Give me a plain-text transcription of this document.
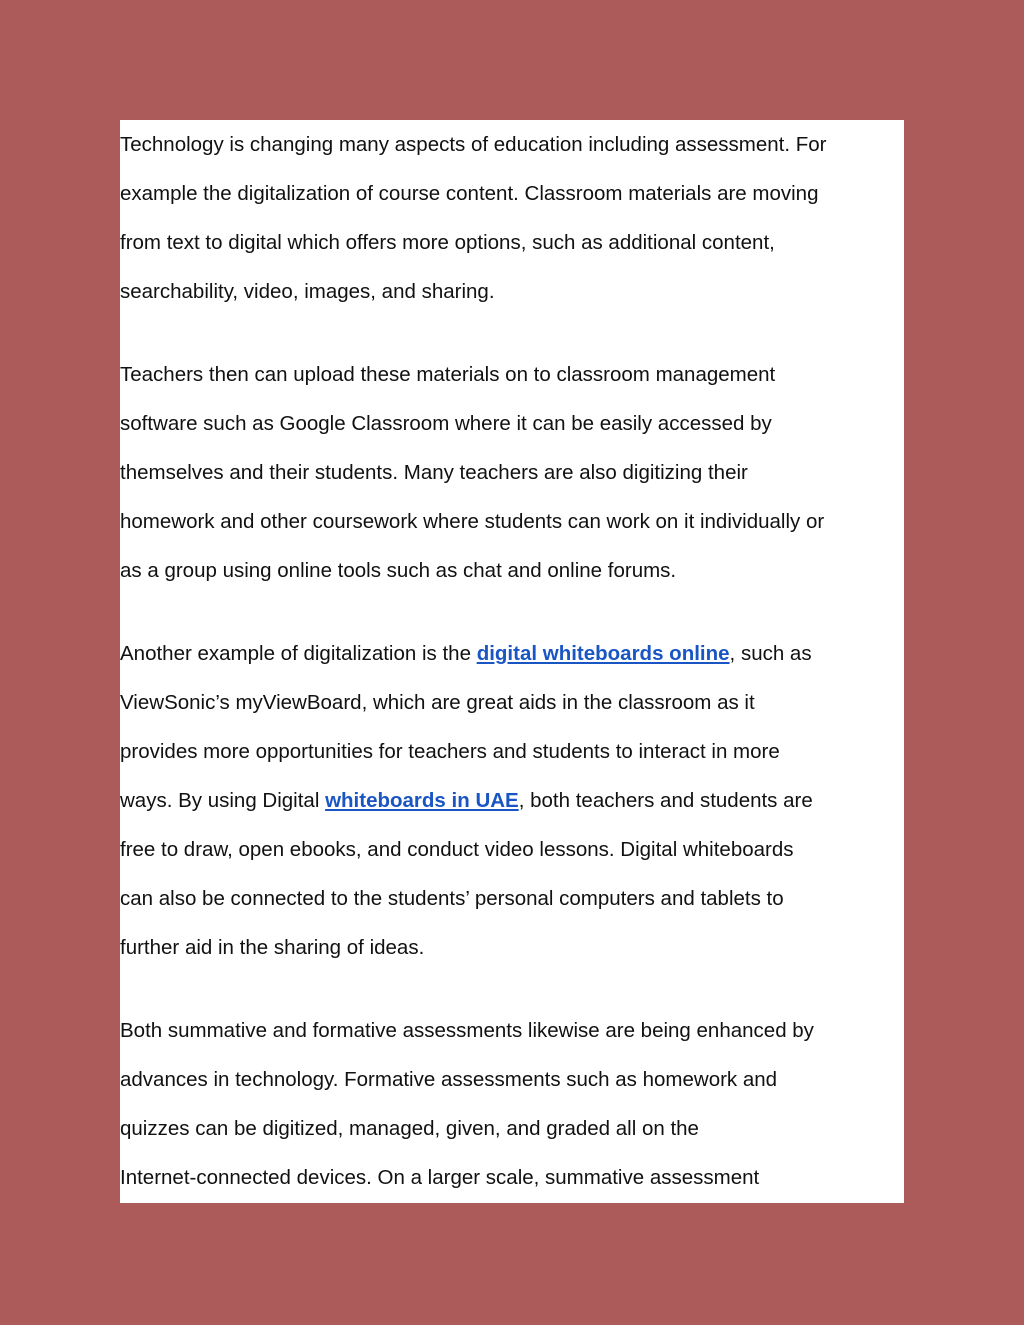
Technology is changing many aspects of education including assessment. For
example the digitalization of course content. Classroom materials are moving
from text to digital which offers more options, such as additional content,
searchability, video, images, and sharing.

Teachers then can upload these materials on to classroom management
software such as Google Classroom where it can be easily accessed by
themselves and their students. Many teachers are also digitizing their
homework and other coursework where students can work on it individually or
as a group using online tools such as chat and online forums.

Another example of digitalization is the digital whiteboards online, such as
ViewSonic’s myViewBoard, which are great aids in the classroom as it
provides more opportunities for teachers and students to interact in more
ways. By using Digital whiteboards in UAE, both teachers and students are
free to draw, open ebooks, and conduct video lessons. Digital whiteboards
can also be connected to the students’ personal computers and tablets to
further aid in the sharing of ideas.

Both summative and formative assessments likewise are being enhanced by
advances in technology. Formative assessments such as homework and
quizzes can be digitized, managed, given, and graded all on the
Internet-connected devices. On a larger scale, summative assessment
